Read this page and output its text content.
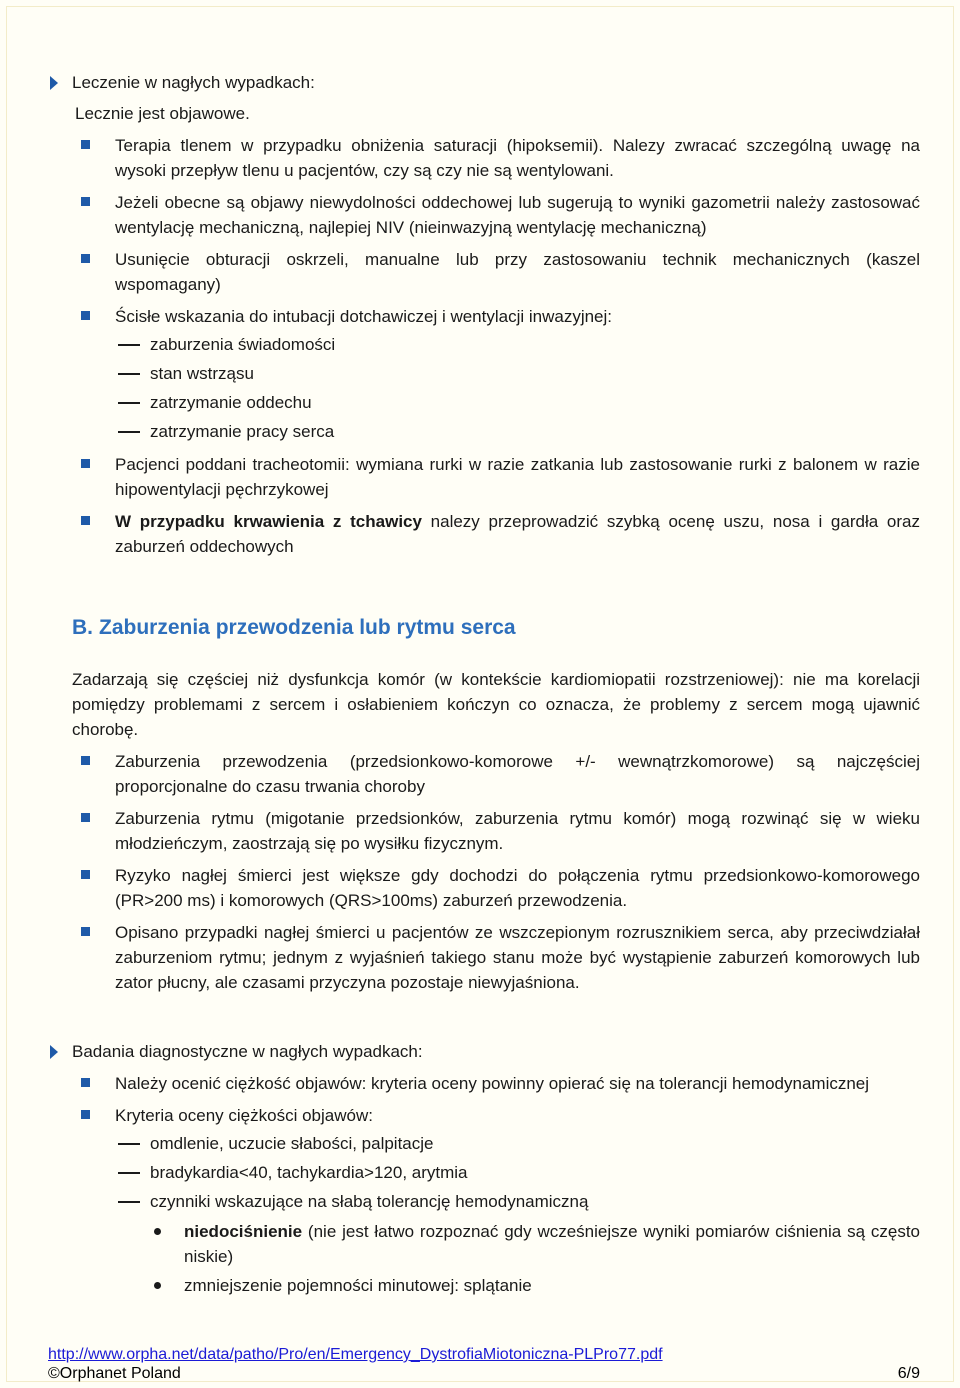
Leczenie w nagłych wypadkach:
Lecznie jest objawowe.
Terapia tlenem w przypadku obniżenia saturacji (hipoksemii). Nalezy zwracać szczególną uwagę na wysoki przepływ tlenu u pacjentów, czy są czy nie są wentylowani.
Jeżeli obecne są objawy niewydolności oddechowej lub sugerują to wyniki gazometrii należy zastosować wentylację mechaniczną, najlepiej NIV (nieinwazyjną wentylację mechaniczną)
Usunięcie obturacji oskrzeli, manualne lub przy zastosowaniu technik mechanicznych (kaszel wspomagany)
Ścisłe wskazania do intubacji dotchawiczej i wentylacji inwazyjnej:
zaburzenia świadomości
stan wstrząsu
zatrzymanie oddechu
zatrzymanie pracy serca
Pacjenci poddani tracheotomii: wymiana rurki w razie zatkania lub zastosowanie rurki z balonem w razie hipowentylacji pęchrzykowej
W przypadku krwawienia z tchawicy nalezy przeprowadzić szybką ocenę uszu, nosa i gardła oraz zaburzeń oddechowych
B. Zaburzenia przewodzenia lub rytmu serca
Zadarzają się częściej niż dysfunkcja komór (w kontekście kardiomiopatii rozstrzeniowej): nie ma korelacji pomiędzy problemami z sercem i osłabieniem kończyn co oznacza, że problemy z sercem mogą ujawnić chorobę.
Zaburzenia przewodzenia (przedsionkowo-komorowe +/- wewnątrzkomorowe) są najczęściej proporcjonalne do czasu trwania choroby
Zaburzenia rytmu (migotanie przedsionków, zaburzenia rytmu komór) mogą rozwinąć się w wieku młodzieńczym, zaostrzają się po wysiłku fizycznym.
Ryzyko nagłej śmierci jest większe gdy dochodzi do połączenia rytmu przedsionkowo-komorowego (PR>200 ms) i komorowych (QRS>100ms) zaburzeń przewodzenia.
Opisano przypadki nagłej śmierci u pacjentów ze wszczepionym rozrusznikiem serca, aby przeciwdziałał zaburzeniom rytmu; jednym z wyjaśnień takiego stanu może być wystąpienie zaburzeń komorowych lub zator płucny, ale czasami przyczyna pozostaje niewyjaśniona.
Badania diagnostyczne w nagłych wypadkach:
Należy ocenić ciężkość objawów: kryteria oceny powinny opierać się na tolerancji hemodynamicznej
Kryteria oceny ciężkości objawów:
omdlenie, uczucie słabości, palpitacje
bradykardia<40, tachykardia>120, arytmia
czynniki wskazujące na słabą tolerancję hemodynamiczną
niedociśnienie (nie jest łatwo rozpoznać gdy wcześniejsze wyniki pomiarów ciśnienia są często niskie)
zmniejszenie pojemności minutowej: splątanie
http://www.orpha.net/data/patho/Pro/en/Emergency_DystrofiaMiotoniczna-PLPro77.pdf
©Orphanet Poland	6/9
